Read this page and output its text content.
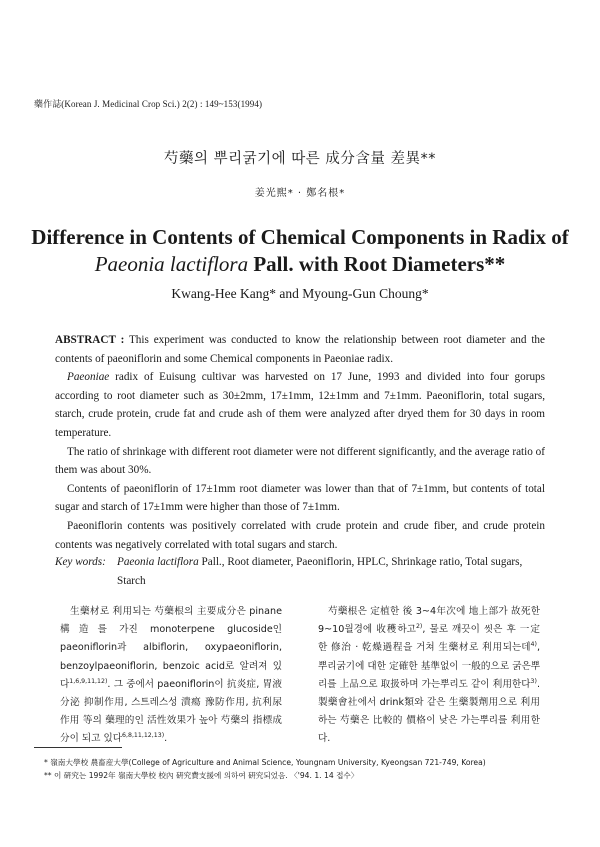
藥作誌(Korean J. Medicinal Crop Sci.) 2(2) : 149~153(1994)
芍藥의 뿌리굵기에 따른 成分含量 差異**
姜光熙* · 鄭名根*
Difference in Contents of Chemical Components in Radix of
Paeonia lactiflora Pall. with Root Diameters**
Kwang-Hee Kang* and Myoung-Gun Choung*

ABSTRACT : This experiment was conducted to know the relationship between root diameter and the contents of paeoniflorin and some Chemical components in Paeoniae radix.

Paeoniae radix of Euisung cultivar was harvested on 17 June, 1993 and divided into four gorups according to root diameter such as 30±2mm, 17±1mm, 12±1mm and 7±1mm. Paeoniflorin, total sugars, starch, crude protein, crude fat and crude ash of them were analyzed after dryed them for 30 days in room temperature.

The ratio of shrinkage with different root diameter were not different significantly, and the average ratio of them was about 30%.

Contents of paeoniflorin of 17±1mm root diameter was lower than that of 7±1mm, but contents of total sugar and starch of 17±1mm were higher than those of 7±1mm.

Paeoniflorin contents was positively correlated with crude protein and crude fiber, and crude protein contents was negatively correlated with total sugars and starch.

Key words: Paeonia lactiflora Pall., Root diameter, Paeoniflorin, HPLC, Shrinkage ratio, Total sugars, Starch

生藥材로 利用되는 芍藥根의 主要成分은 pinane 構造를 가진 monoterpene glucoside인 paeoniflorin과 albiflorin, oxypaeoniflorin, benzoylpaeoniflorin, benzoic acid로 알려져 있다$^{1,6,9,11,12)}$. 그 중에서 paeoniflorin이 抗炎症, 胃液分泌 抑制作用, 스트레스성 潰瘍 豫防作用, 抗利尿 作用 等의 藥理的인 活性效果가 높아 芍藥의 指標成分이 되고 있다$^{6,8,11,12,13)}$.

芍藥根은 定植한 後 3~4年次에 地上部가 故死한 9~10월경에 收穫하고$^{2)}$, 물로 깨끗이 씻은 후 一定한 修治 · 乾燥過程을 거쳐 生藥材로 利用되는데$^{4)}$, 뿌리굵기에 대한 定確한 基準없이 一般的으로 굵은뿌리를 上品으로 取扱하며 가는뿌리도 같이 利用한다$^{3)}$. 製藥會社에서 drink類와 같은 生藥製劑用으로 利用하는 芍藥은 比較的 價格이 낮은 가는뿌리를 利用한다.

* 嶺南大學校 農畜産大學(College of Agriculture and Animal Science, Youngnam University, Kyeongsan 721-749, Korea)
** 이 硏究는 1992年 嶺南大學校 校內 硏究費支援에 의하여 硏究되었음. 〈'94. 1. 14 접수〉
